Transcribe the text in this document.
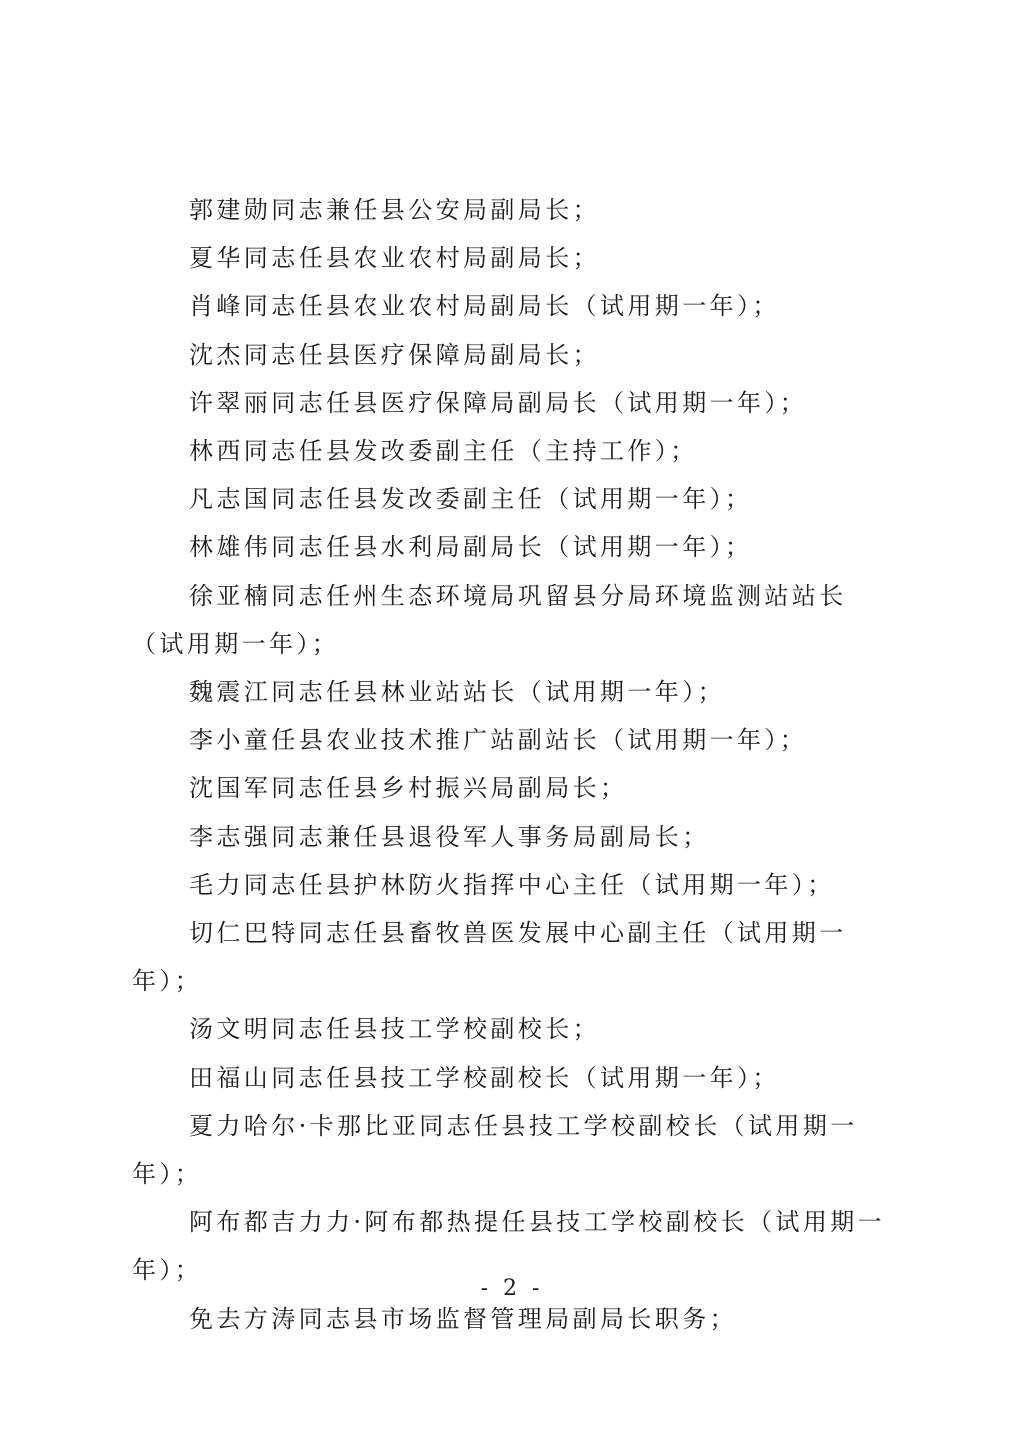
郭建勋同志兼任县公安局副局长；

夏华同志任县农业农村局副局长；

肖峰同志任县农业农村局副局长（试用期一年）；

沈杰同志任县医疗保障局副局长；

许翠丽同志任县医疗保障局副局长（试用期一年）；

林西同志任县发改委副主任（主持工作）；

凡志国同志任县发改委副主任（试用期一年）；

林雄伟同志任县水利局副局长（试用期一年）；

徐亚楠同志任州生态环境局巩留县分局环境监测站站长（试用期一年）；

魏震江同志任县林业站站长（试用期一年）；

李小童任县农业技术推广站副站长（试用期一年）；

沈国军同志任县乡村振兴局副局长；

李志强同志兼任县退役军人事务局副局长；

毛力同志任县护林防火指挥中心主任（试用期一年）；

切仁巴特同志任县畜牧兽医发展中心副主任（试用期一年）；

汤文明同志任县技工学校副校长；

田福山同志任县技工学校副校长（试用期一年）；

夏力哈尔·卡那比亚同志任县技工学校副校长（试用期一年）；

阿布都吉力力·阿布都热提任县技工学校副校长（试用期一年）；

免去方涛同志县市场监督管理局副局长职务；

- 2 -
